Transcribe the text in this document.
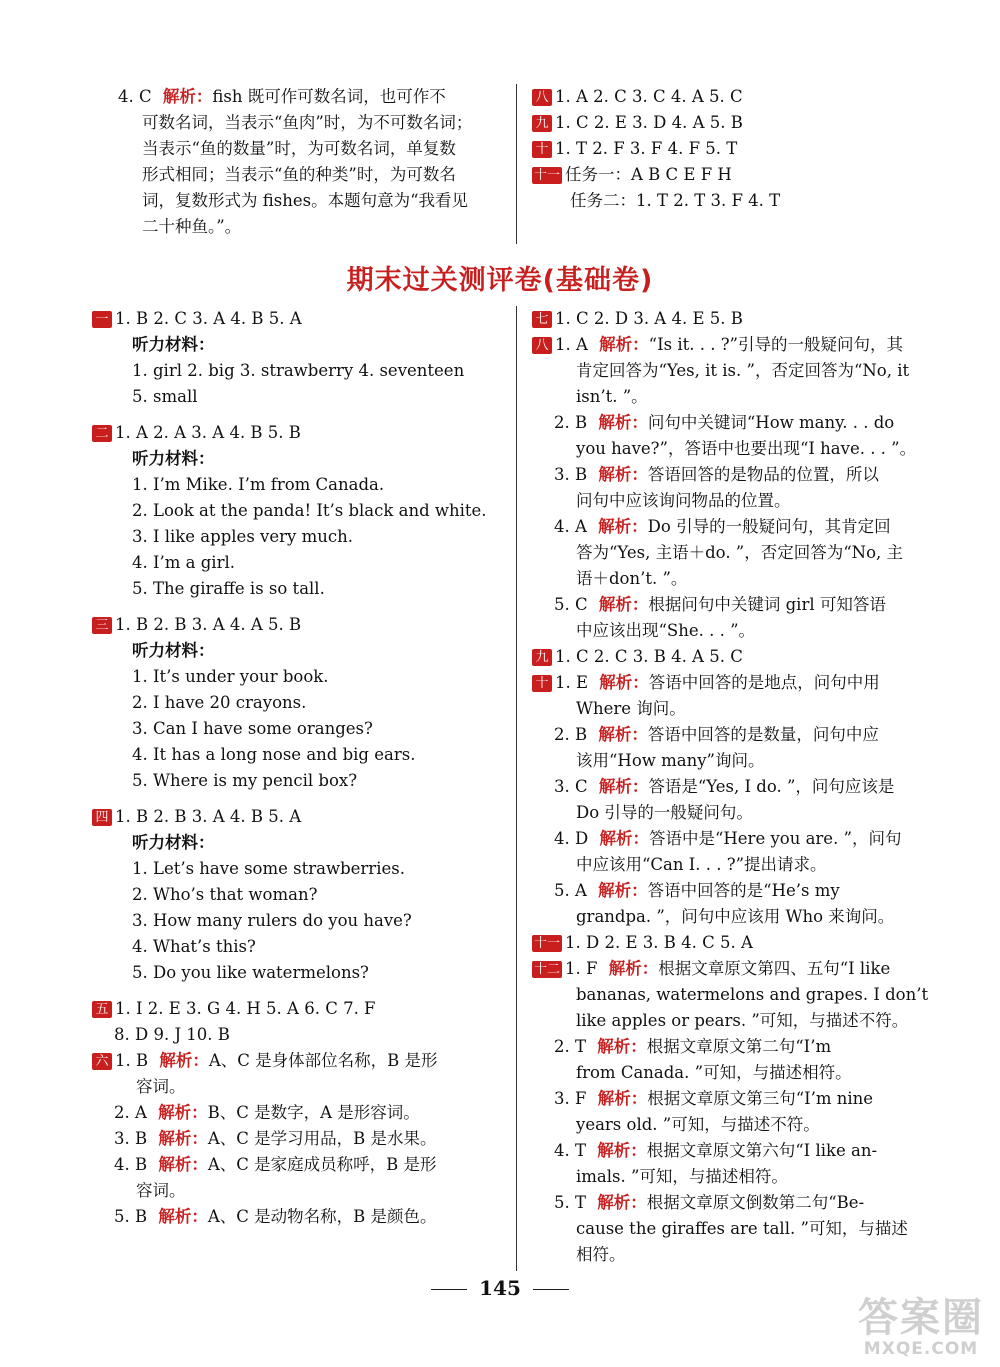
4. C 解析：fish 既可作可数名词，也可作不
可数名词，当表示“鱼肉”时，为不可数名词；
当表示“鱼的数量”时，为可数名词，单复数
形式相同；当表示“鱼的种类”时，为可数名
词，复数形式为 fishes。本题句意为“我看见
二十种鱼。”。
八 1. A 2. C 3. C 4. A 5. C
九 1. C 2. E 3. D 4. A 5. B
十 1. T 2. F 3. F 4. F 5. T
十一 任务一：A B C E F H
任务二：1. T 2. T 3. F 4. T
期末过关测评卷(基础卷)
一 1. B 2. C 3. A 4. B 5. A
听力材料：
1. girl 2. big 3. strawberry 4. seventeen
5. small
二 1. A 2. A 3. A 4. B 5. B
听力材料：
1. I’m Mike. I’m from Canada.
2. Look at the panda! It’s black and white.
3. I like apples very much.
4. I’m a girl.
5. The giraffe is so tall.
三 1. B 2. B 3. A 4. A 5. B
听力材料：
1. It’s under your book.
2. I have 20 crayons.
3. Can I have some oranges?
4. It has a long nose and big ears.
5. Where is my pencil box?
四 1. B 2. B 3. A 4. B 5. A
听力材料：
1. Let’s have some strawberries.
2. Who’s that woman?
3. How many rulers do you have?
4. What’s this?
5. Do you like watermelons?
五 1. I 2. E 3. G 4. H 5. A 6. C 7. F
8. D 9. J 10. B
六 1. B 解析：A、C 是身体部位名称，B 是形
容词。
2. A 解析：B、C 是数字，A 是形容词。
3. B 解析：A、C 是学习用品，B 是水果。
4. B 解析：A、C 是家庭成员称呼，B 是形
容词。
5. B 解析：A、C 是动物名称，B 是颜色。
七 1. C 2. D 3. A 4. E 5. B
八 1. A 解析：“Is it. . . ?”引导的一般疑问句，其
肯定回答为“Yes, it is. ”，否定回答为“No, it
isn’t. ”。
2. B 解析：问句中关键词“How many. . . do
you have?”，答语中也要出现“I have. . . ”。
3. B 解析：答语回答的是物品的位置，所以
问句中应该询问物品的位置。
4. A 解析：Do 引导的一般疑问句，其肯定回
答为“Yes, 主语＋do. ”，否定回答为“No, 主
语＋don’t. ”。
5. C 解析：根据问句中关键词 girl 可知答语
中应该出现“She. . . ”。
九 1. C 2. C 3. B 4. A 5. C
十 1. E 解析：答语中回答的是地点，问句中用
Where 询问。
2. B 解析：答语中回答的是数量，问句中应
该用“How many”询问。
3. C 解析：答语是“Yes, I do. ”，问句应该是
Do 引导的一般疑问句。
4. D 解析：答语中是“Here you are. ”，问句
中应该用“Can I. . . ?”提出请求。
5. A 解析：答语中回答的是“He’s my
grandpa. ”，问句中应该用 Who 来询问。
十一 1. D 2. E 3. B 4. C 5. A
十二 1. F 解析：根据文章原文第四、五句“I like
bananas, watermelons and grapes. I don’t
like apples or pears. ”可知，与描述不符。
2. T 解析：根据文章原文第二句“I’m
from Canada. ”可知，与描述相符。
3. F 解析：根据文章原文第三句“I’m nine
years old. ”可知，与描述不符。
4. T 解析：根据文章原文第六句“I like an-
imals. ”可知，与描述相符。
5. T 解析：根据文章原文倒数第二句“Be-
cause the giraffes are tall. ”可知，与描述
相符。
145
答案圈
MXQE.COM
